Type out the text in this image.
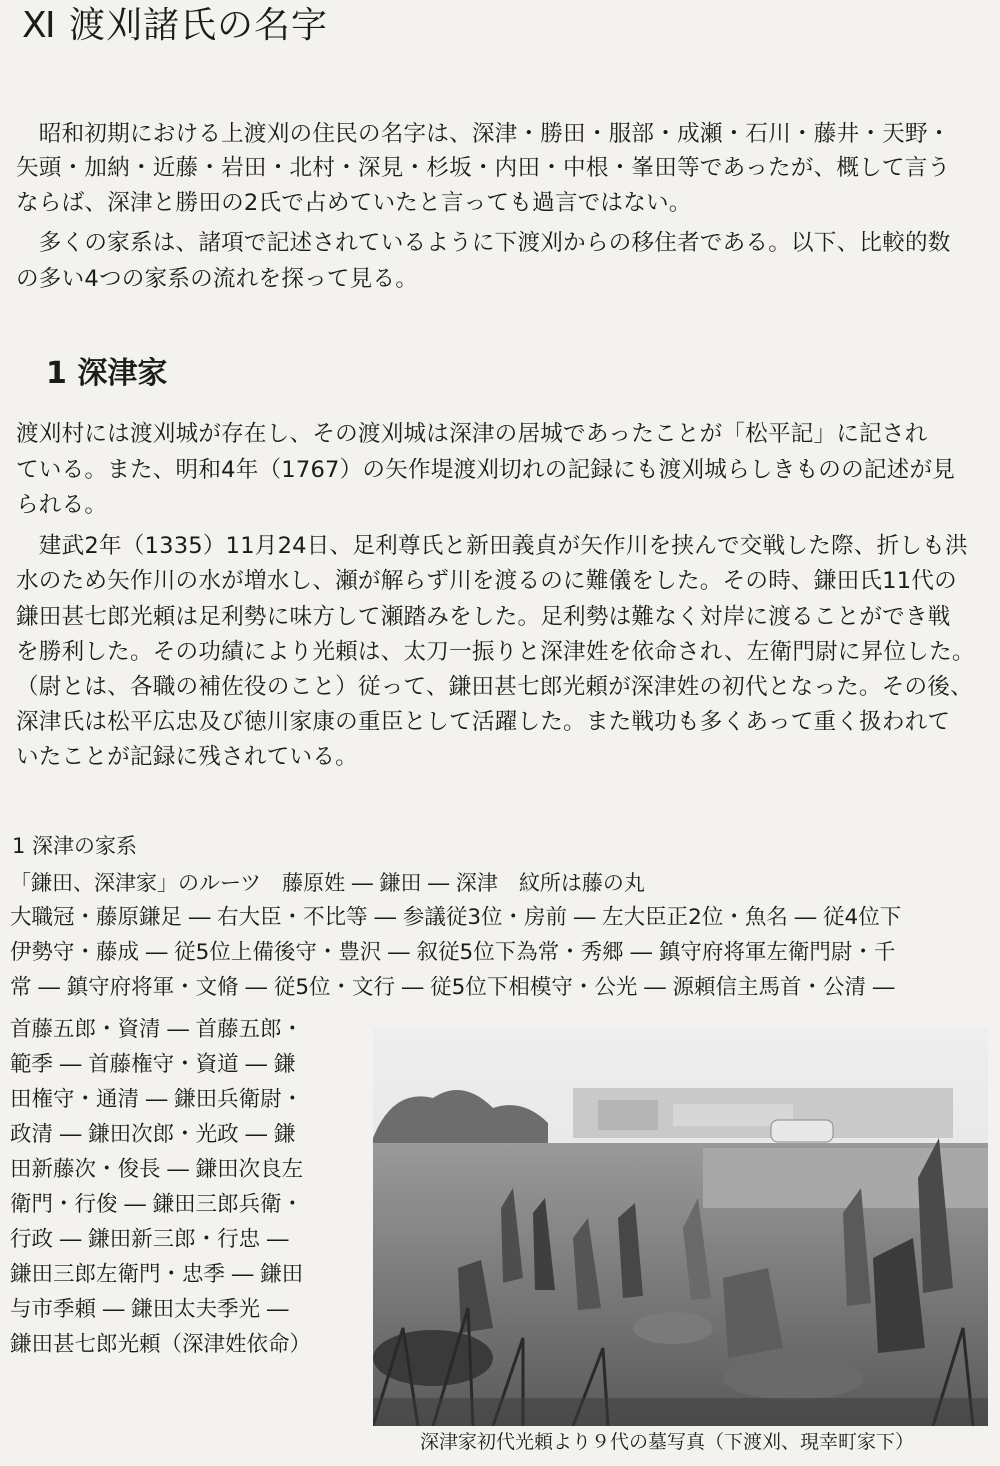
Ⅺ 渡刈諸氏の名字
　昭和初期における上渡刈の住民の名字は、深津・勝田・服部・成瀬・石川・藤井・天野・
矢頭・加納・近藤・岩田・北村・深見・杉坂・内田・中根・峯田等であったが、概して言う
ならば、深津と勝田の2氏で占めていたと言っても過言ではない。
　多くの家系は、諸項で記述されているように下渡刈からの移住者である。以下、比較的数
の多い4つの家系の流れを探って見る。
1 深津家
渡刈村には渡刈城が存在し、その渡刈城は深津の居城であったことが「松平記」に記され
ている。また、明和4年（1767）の矢作堤渡刈切れの記録にも渡刈城らしきものの記述が見
られる。
　建武2年（1335）11月24日、足利尊氏と新田義貞が矢作川を挟んで交戦した際、折しも洪
水のため矢作川の水が増水し、瀬が解らず川を渡るのに難儀をした。その時、鎌田氏11代の
鎌田甚七郎光頼は足利勢に味方して瀬踏みをした。足利勢は難なく対岸に渡ることができ戦
を勝利した。その功績により光頼は、太刀一振りと深津姓を依命され、左衛門尉に昇位した。
（尉とは、各職の補佐役のこと）従って、鎌田甚七郎光頼が深津姓の初代となった。その後、
深津氏は松平広忠及び徳川家康の重臣として活躍した。また戦功も多くあって重く扱われて
いたことが記録に残されている。
1 深津の家系
「鎌田、深津家」のルーツ　藤原姓 ― 鎌田 ― 深津　紋所は藤の丸
大職冠・藤原鎌足 ― 右大臣・不比等 ― 参議従3位・房前 ― 左大臣正2位・魚名 ― 従4位下
伊勢守・藤成 ― 従5位上備後守・豊沢 ― 叙従5位下為常・秀郷 ― 鎮守府将軍左衛門尉・千
常 ― 鎮守府将軍・文脩 ― 従5位・文行 ― 従5位下相模守・公光 ― 源頼信主馬首・公清 ―
首藤五郎・資清 ― 首藤五郎・
範季 ― 首藤権守・資道 ― 鎌
田権守・通清 ― 鎌田兵衛尉・
政清 ― 鎌田次郎・光政 ― 鎌
田新藤次・俊長 ― 鎌田次良左
衛門・行俊 ― 鎌田三郎兵衛・
行政 ― 鎌田新三郎・行忠 ―
鎌田三郎左衛門・忠季 ― 鎌田
与市季頼 ― 鎌田太夫季光 ―
鎌田甚七郎光頼（深津姓依命）
深津家初代光頼より９代の墓写真（下渡刈、現幸町家下）
